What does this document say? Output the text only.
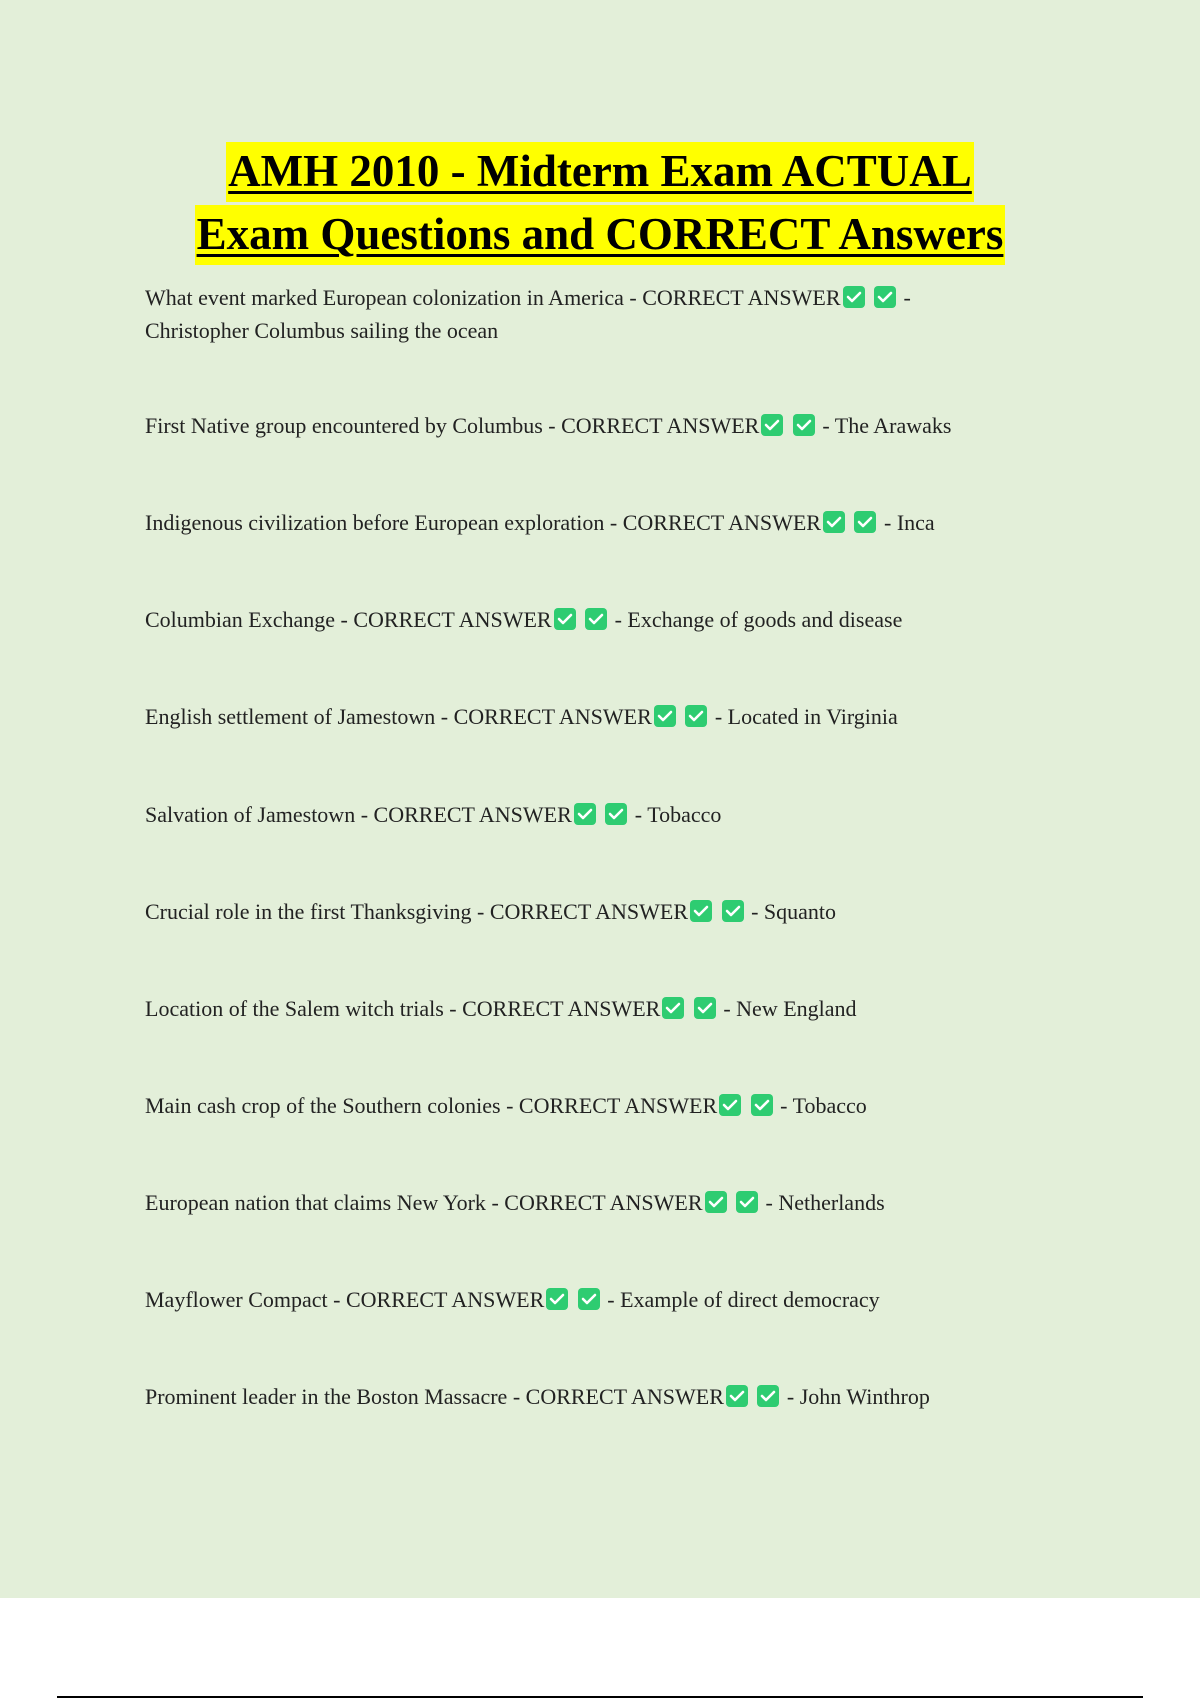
AMH 2010 - Midterm Exam ACTUAL
Exam Questions and CORRECT Answers
What event marked European colonization in America - CORRECT ANSWER
	-
Christopher Columbus sailing the ocean
First Native group encountered by Columbus - CORRECT ANSWER
	- The Arawaks
Indigenous civilization before European exploration - CORRECT ANSWER
	- Inca
Columbian Exchange - CORRECT ANSWER
	- Exchange of goods and disease
English settlement of Jamestown - CORRECT ANSWER
	- Located in Virginia
Salvation of Jamestown - CORRECT ANSWER
	- Tobacco
Crucial role in the first Thanksgiving - CORRECT ANSWER
	- Squanto
Location of the Salem witch trials - CORRECT ANSWER
	- New England
Main cash crop of the Southern colonies - CORRECT ANSWER
	- Tobacco
European nation that claims New York - CORRECT ANSWER
	- Netherlands
Mayflower Compact - CORRECT ANSWER
	- Example of direct democracy
Prominent leader in the Boston Massacre - CORRECT ANSWER
	- John Winthrop
